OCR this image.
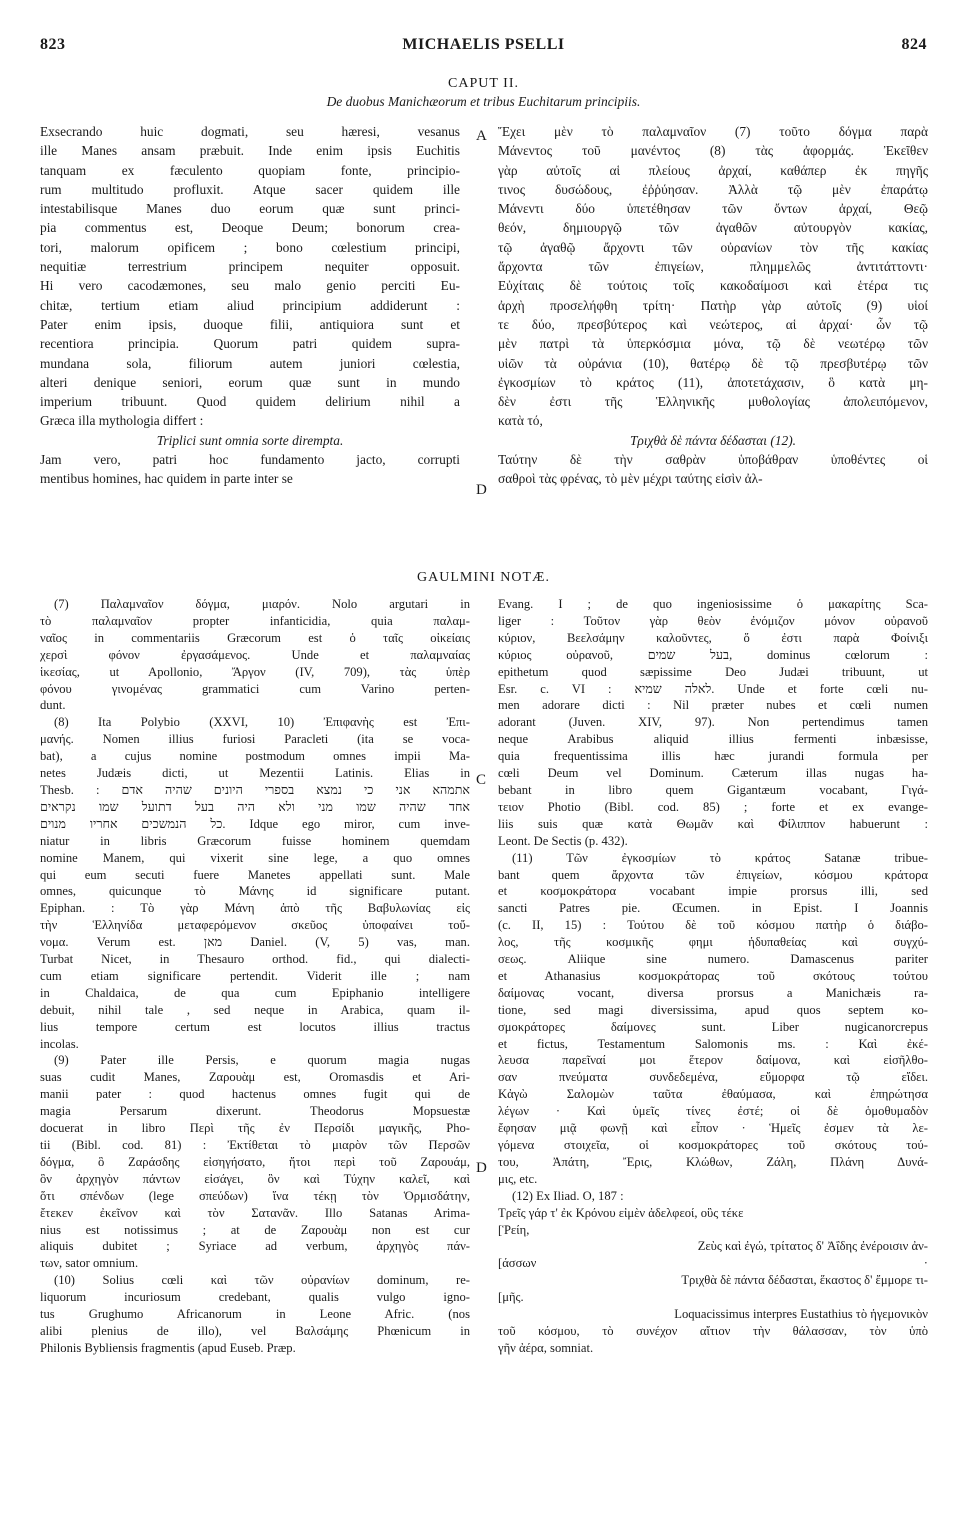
823	MICHAELIS PSELLI	824
CAPUT II.
De duobus Manichæorum et tribus Euchitarum principiis.
A
D
C
D
Exsecrando huic dogmati, seu hæresi, vesanus
ille Manes ansam præbuit. Inde enim ipsis Euchitis
tanquam ex fæculento quopiam fonte, principio-
rum multitudo profluxit. Atque sacer quidem ille
intestabilisque Manes duo eorum quæ sunt princi-
pia commentus est, Deoque Deum; bonorum crea-
tori, malorum opificem ; bono cœlestium principi,
nequitiæ terrestrium principem nequiter opposuit.
Hi vero cacodæmones, seu malo genio perciti Eu-
chitæ, tertium etiam aliud principium addiderunt :
Pater enim ipsis, duoque filii, antiquiora sunt et
recentiora principia. Quorum patri quidem supra-
mundana sola, filiorum autem juniori cœlestia,
alteri denique seniori, eorum quæ sunt in mundo
imperium tribuunt. Quod quidem delirium nihil a
Græca illa mythologia differt :
Triplici sunt omnia sorte dirempta.
Jam vero, patri hoc fundamento jacto, corrupti
mentibus homines, hac quidem in parte inter se
Ἔχει μὲν τὸ παλαμναῖον (7) τοῦτο δόγμα παρὰ
Μάνεντος τοῦ μανέντος (8) τὰς ἀφορμάς. Ἐκεῖθεν
γὰρ αὐτοῖς αἱ πλείους ἀρχαί, καθάπερ ἐκ πηγῆς
τινος δυσώδους, ἐῤῥύησαν. Ἀλλὰ τῷ μὲν ἐπαράτῳ
Μάνεντι δύο ὑπετέθησαν τῶν ὄντων ἀρχαί, Θεῷ
θεόν, δημιουργῷ τῶν ἀγαθῶν αὐτουργὸν κακίας,
τῷ ἀγαθῷ ἄρχοντι τῶν οὐρανίων τὸν τῆς κακίας
ἄρχοντα τῶν ἐπιγείων, πλημμελῶς ἀντιτάττοντι·
Εὐχίταις δὲ τούτοις τοῖς κακοδαίμοσι καὶ ἑτέρα τις
ἀρχὴ προσελήφθη τρίτη· Πατὴρ γὰρ αὐτοῖς (9) υἱοί
τε δύο, πρεσβύτερος καὶ νεώτερος, αἱ ἀρχαί· ὧν τῷ
μὲν πατρὶ τὰ ὑπερκόσμια μόνα, τῷ δὲ νεωτέρῳ τῶν
υἱῶν τὰ οὐράνια (10), θατέρῳ δὲ τῷ πρεσβυτέρῳ τῶν
ἐγκοσμίων τὸ κράτος (11), ἀποτετάχασιν, ὃ κατὰ μη-
δὲν ἐστι τῆς Ἑλληνικῆς μυθολογίας ἀπολειπόμενον,
κατὰ τό,
Τριχθὰ δὲ πάντα δέδασται (12).
Ταύτην δὲ τὴν σαθρὰν ὑποβάθραν ὑποθέντες οἱ
σαθροὶ τὰς φρένας, τὸ μὲν μέχρι ταύτης εἰσὶν ἀλ-
GAULMINI NOTÆ.
(7) Παλαμναῖον δόγμα, μιαρόν. Nolo argutari in
τὸ παλαμναῖον propter infanticidia, quia παλαμ-
ναῖος in commentariis Græcorum est ὁ ταῖς οἰκείαις
χερσὶ φόνον ἐργασάμενος. Unde et παλαμναίας
ἱκεσίας, ut Apollonio, Ἄργον (IV, 709), τὰς ὑπὲρ
φόνου γινομένας grammatici cum Varino perten-
dunt.
(8) Ita Polybio (XXVI, 10) Ἐπιφανὴς est Ἐπι-
μανής. Nomen illius furiosi Paracleti (ita se voca-
bat), a cujus nomine postmodum omnes impii Ma-
netes Judæis dicti, ut Mezentii Latinis. Elias in
Thesb. : אתמהא אני כי נמצא בספרי היונים שהיה אדם
אחד שהיה שמו מני ולא היה בעל דתועל שמו נקראים
כל הנמשכים אחריו מנוים. Idque ego miror, cum inve-
niatur in libris Græcorum fuisse hominem quemdam
nomine Manem, qui vixerit sine lege, a quo omnes
qui eum secuti fuere Manetes appellati sunt. Male
omnes, quicunque τὸ Μάνης id significare putant.
Epiphan. : Τὸ γὰρ Μάνη ἀπὸ τῆς Βαβυλωνίας εἰς
τὴν Ἑλληνίδα μεταφερόμενον σκεῦος ὑποφαίνει τοὔ-
νομα. Verum est. מאן Daniel. (V, 5) vas, man.
Turbat Nicet, in Thesauro orthod. fid., qui dialecti-
cum etiam significare pertendit. Viderit ille ; nam
in Chaldaica, de qua cum Epiphanio intelligere
debuit, nihil tale , sed neque in Arabica, quam il-
lius tempore certum est locutos illius tractus
incolas.
(9) Pater ille Persis, e quorum magia nugas
suas cudit Manes, Ζαρουὰμ est, Oromasdis et Ari-
manii pater : quod hactenus omnes fugit qui de
magia Persarum dixerunt. Theodorus Mopsuestæ
docuerat in libro Περὶ τῆς ἐν Περσίδι μαγικῆς, Pho-
tii (Bibl. cod. 81) : Ἐκτίθεται τὸ μιαρὸν τῶν Περσῶν
δόγμα, ὃ Ζαράσδης εἰσηγήσατο, ἤτοι περὶ τοῦ Ζαρουάμ,
ὃν ἀρχηγὸν πάντων εἰσάγει, ὃν καὶ Τύχην καλεῖ, καὶ
ὅτι σπένδων (lege σπεύδων) ἵνα τέκῃ τὸν Ὁρμισδάτην,
ἔτεκεν ἐκεῖνον καὶ τὸν Σατανᾶν. Illo Satanas Arima-
nius est notissimus ; at de Ζαρουὰμ non est cur
aliquis dubitet ; Syriace ad verbum, ἀρχηγὸς πάν-
των, sator omnium.
(10) Solius cœli καὶ τῶν οὐρανίων dominum, re-
liquorum incuriosum credebant, qualis vulgo igno-
tus Grughumo Africanorum in Leone Afric. (nos
alibi plenius de illo), vel Βαλσάμης Phœnicum in
Philonis Bybliensis fragmentis (apud Euseb. Præp.
Evang. I ; de quo ingeniosissime ὁ μακαρίτης Sca-
liger : Τοῦτον γὰρ θεὸν ἐνόμιζον μόνον οὐρανοῦ
κύριον, Βεελσάμην καλοῦντες, ὅ ἐστι παρὰ Φοίνιξι
κύριος οὐρανοῦ, בעל שמים, dominus cœlorum :
epithetum quod sæpissime Deo Judæi tribuunt, ut
Esr. c. VI : לאלה שמיא. Unde et forte cœli nu-
men adorare dicti : Nil præter nubes et cœli numen
adorant (Juven. XIV, 97). Non pertendimus tamen
neque Arabibus aliquid illius fermenti inbæsisse,
quia frequentissima illis hæc jurandi formula per
cœli Deum vel Dominum. Cæterum illas nugas ha-
bebant in libro quem Gigantæum vocabant, Γιγά-
τειον Photio (Bibl. cod. 85) ; forte et ex evange-
liis suis quæ κατὰ Θωμᾶν καὶ Φίλιππον habuerunt :
Leont. De Sectis (p. 432).
(11) Τῶν ἐγκοσμίων τὸ κράτος Satanæ tribue-
bant quem ἄρχοντα τῶν ἐπιγείων, κόσμου κράτορα
et κοσμοκράτορα vocabant impie prorsus illi, sed
sancti Patres pie. Œcumen. in Epist. I Joannis
(c. II, 15) : Τούτου δὲ τοῦ κόσμου πατὴρ ὁ διάβο-
λος, τῆς κοσμικῆς φημι ἡδυπαθείας καὶ συγχύ-
σεως. Aliique sine numero. Damascenus pariter
et Athanasius κοσμοκράτορας τοῦ σκότους τούτου
δαίμονας vocant, diversa prorsus a Manichæis ra-
tione, sed magi diversissima, apud quos septem κο-
σμοκράτορες δαίμονες sunt. Liber nugicanorcrepus
et fictus, Testamentum Salomonis ms. : Καὶ ἐκέ-
λευσα παρεῖναί μοι ἕτερον δαίμονα, καὶ εἰσῆλθο-
σαν πνεύματα συνδεδεμένα, εὔμορφα τῷ εἴδει.
Κἀγὼ Σαλομὼν ταῦτα ἐθαύμασα, καὶ ἐπηρώτησα
λέγων · Καὶ ὑμεῖς τίνες ἐστέ; οἱ δὲ ὁμοθυμαδὸν
ἔφησαν μιᾷ φωνῇ καὶ εἶπον · Ἡμεῖς ἐσμεν τὰ λε-
γόμενα στοιχεῖα, οἱ κοσμοκράτορες τοῦ σκότους τού-
του, Ἀπάτη, Ἔρις, Κλώθων, Ζάλη, Πλάνη Δυνά-
μις, etc.
(12) Ex Iliad. Ο, 187 :
Τρεῖς γάρ τ' ἐκ Κρόνου εἰμὲν ἀδελφεοί, οὓς τέκε
[Ῥείη,
Ζεὺς καὶ ἐγώ, τρίτατος δ' Ἀΐδης ἐνέροισιν ἀν-
[άσσων ·
Τριχθὰ δὲ πάντα δέδασται, ἕκαστος δ' ἔμμορε τι-
[μῆς.
Loquacissimus interpres Eustathius τὸ ἡγεμονικὸν
τοῦ κόσμου, τὸ συνέχον αἴτιον τὴν θάλασσαν, τὸν ὑπὸ
γῆν ἀέρα, somniat.
